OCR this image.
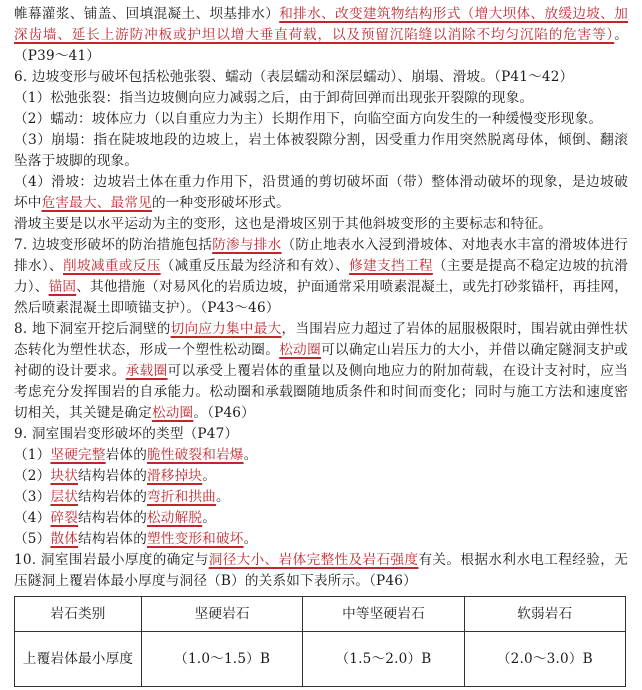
帷幕灌浆、铺盖、回填混凝土、坝基排水）和排水、改变建筑物结构形式（增大坝体、放缓边坡、加深齿墙、延长上游防冲板或护坦以增大垂直荷载，以及预留沉陷缝以消除不均匀沉陷的危害等）。（P39～41）

6. 边坡变形与破坏包括松弛张裂、蠕动（表层蠕动和深层蠕动）、崩塌、滑坡。（P41～42）

（1）松弛张裂：指当边坡侧向应力减弱之后，由于卸荷回弹而出现张开裂隙的现象。

（2）蠕动：坡体应力（以自重应力为主）长期作用下，向临空面方向发生的一种缓慢变形现象。

（3）崩塌：指在陡坡地段的边坡上，岩土体被裂隙分割，因受重力作用突然脱离母体，倾倒、翻滚坠落于坡脚的现象。

（4）滑坡：边坡岩土体在重力作用下，沿贯通的剪切破坏面（带）整体滑动破坏的现象，是边坡破坏中危害最大、最常见的一种变形破坏形式。

滑坡主要是以水平运动为主的变形，这也是滑坡区别于其他斜坡变形的主要标志和特征。

7. 边坡变形破坏的防治措施包括防渗与排水（防止地表水入浸到滑坡体、对地表水丰富的滑坡体进行排水）、削坡减重或反压（减重反压最为经济和有效）、修建支挡工程（主要是提高不稳定边坡的抗滑力）、锚固、其他措施（对易风化的岩质边坡，护面通常采用喷素混凝土，或先打砂浆锚杆，再挂网，然后喷素混凝土即喷锚支护）。（P43～46）

8. 地下洞室开挖后洞壁的切向应力集中最大，当围岩应力超过了岩体的屈服极限时，围岩就由弹性状态转化为塑性状态，形成一个塑性松动圈。松动圈可以确定山岩压力的大小，并借以确定隧洞支护或衬砌的设计要求。承载圈可以承受上覆岩体的重量以及侧向地应力的附加荷载，在设计支衬时，应当考虑充分发挥围岩的自承能力。松动圈和承载圈随地质条件和时间而变化；同时与施工方法和速度密切相关，其关键是确定松动圈。（P46）

9. 洞室围岩变形破坏的类型（P47）

（1）坚硬完整岩体的脆性破裂和岩爆。

（2）块状结构岩体的滑移掉块。

（3）层状结构岩体的弯折和拱曲。

（4）碎裂结构岩体的松动解脱。

（5）散体结构岩体的塑性变形和破坏。

10. 洞室围岩最小厚度的确定与洞径大小、岩体完整性及岩石强度有关。根据水利水电工程经验，无压隧洞上覆岩体最小厚度与洞径（B）的关系如下表所示。（P46）

岩石类别	坚硬岩石	中等坚硬岩石	软弱岩石
上覆岩体最小厚度	（1.0～1.5）B	（1.5～2.0）B	（2.0～3.0）B
